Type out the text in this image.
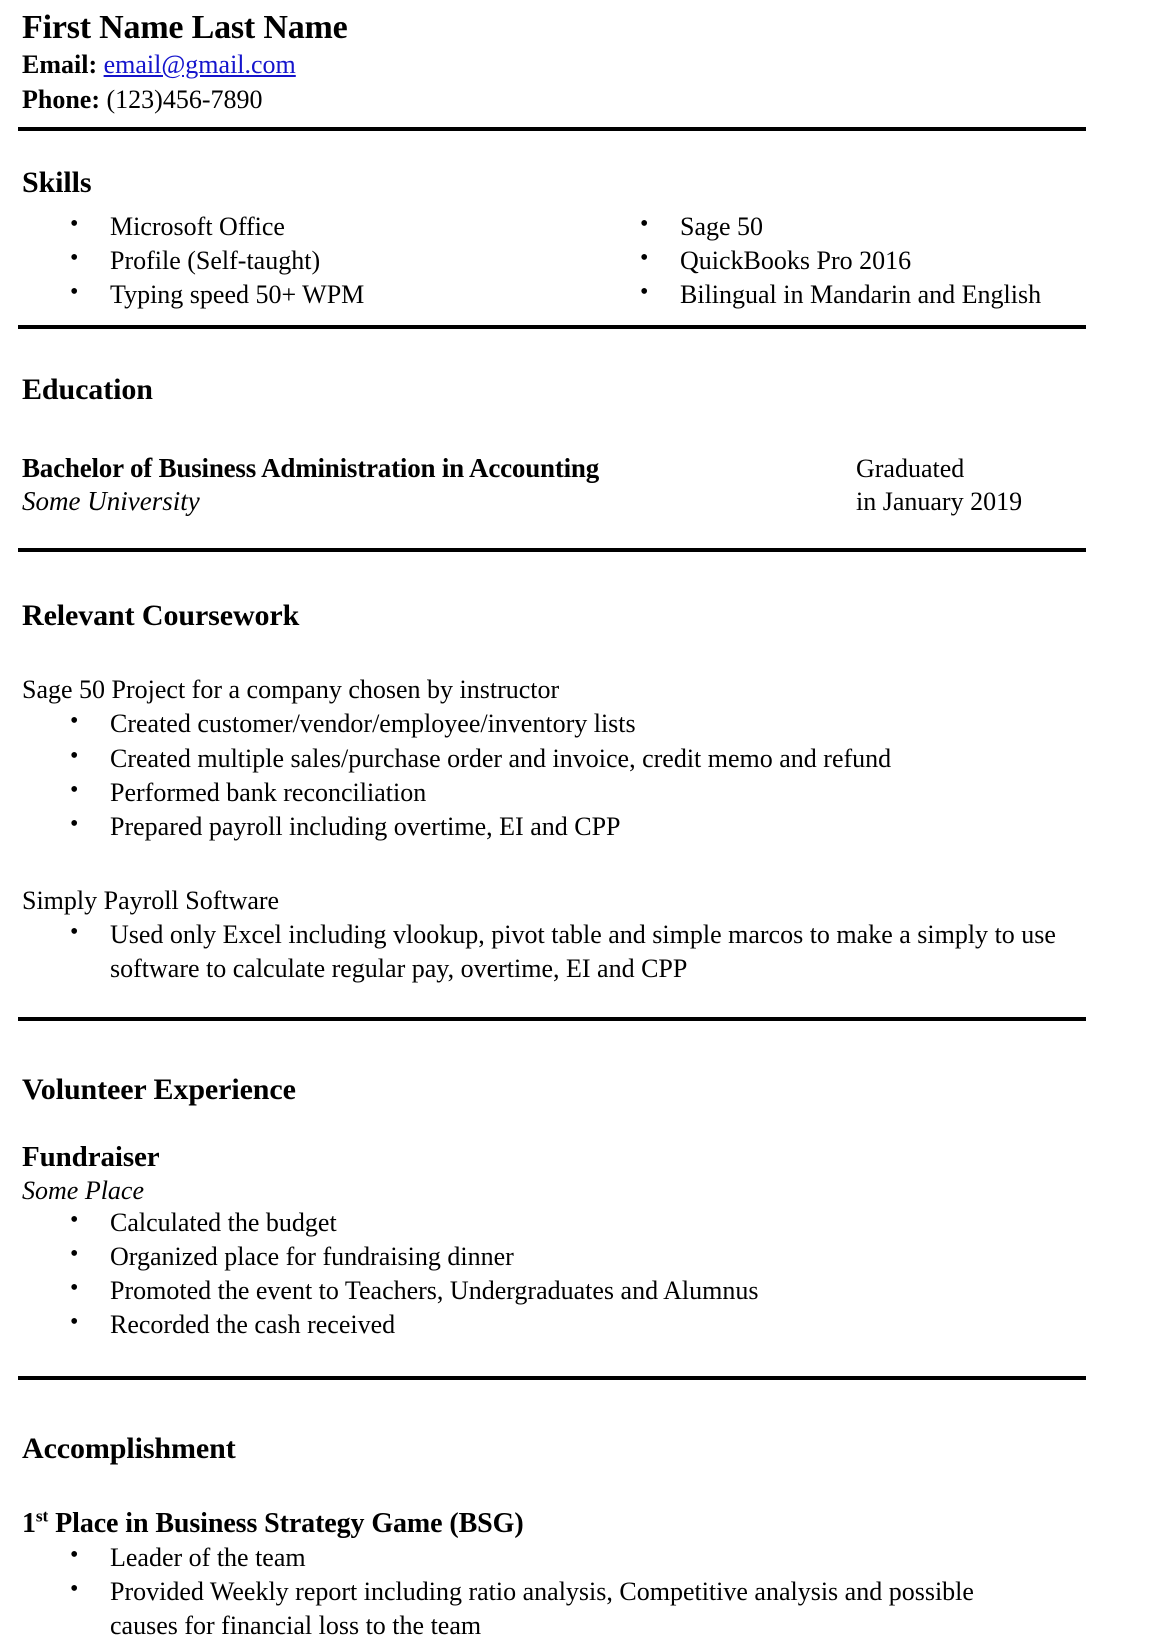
First Name Last Name

Email: email@gmail.com

Phone: (123)456-7890

Skills
• Microsoft Office
• Profile (Self-taught)
• Typing speed 50+ WPM
• Sage 50
• QuickBooks Pro 2016
• Bilingual in Mandarin and English
Education
Bachelor of Business Administration in Accounting
Some University
Graduated
in January 2019
Relevant Coursework

Sage 50 Project for a company chosen by instructor

• Created customer/vendor/employee/inventory lists
• Created multiple sales/purchase order and invoice, credit memo and refund
• Performed bank reconciliation
• Prepared payroll including overtime, EI and CPP

Simply Payroll Software

• Used only Excel including vlookup, pivot table and simple marcos to make a simply to use software to calculate regular pay, overtime, EI and CPP
Volunteer Experience
Fundraiser
Some Place
• Calculated the budget
• Organized place for fundraising dinner
• Promoted the event to Teachers, Undergraduates and Alumnus
• Recorded the cash received
Accomplishment
1st Place in Business Strategy Game (BSG)
• Leader of the team
• Provided Weekly report including ratio analysis, Competitive analysis and possible
causes for financial loss to the team
